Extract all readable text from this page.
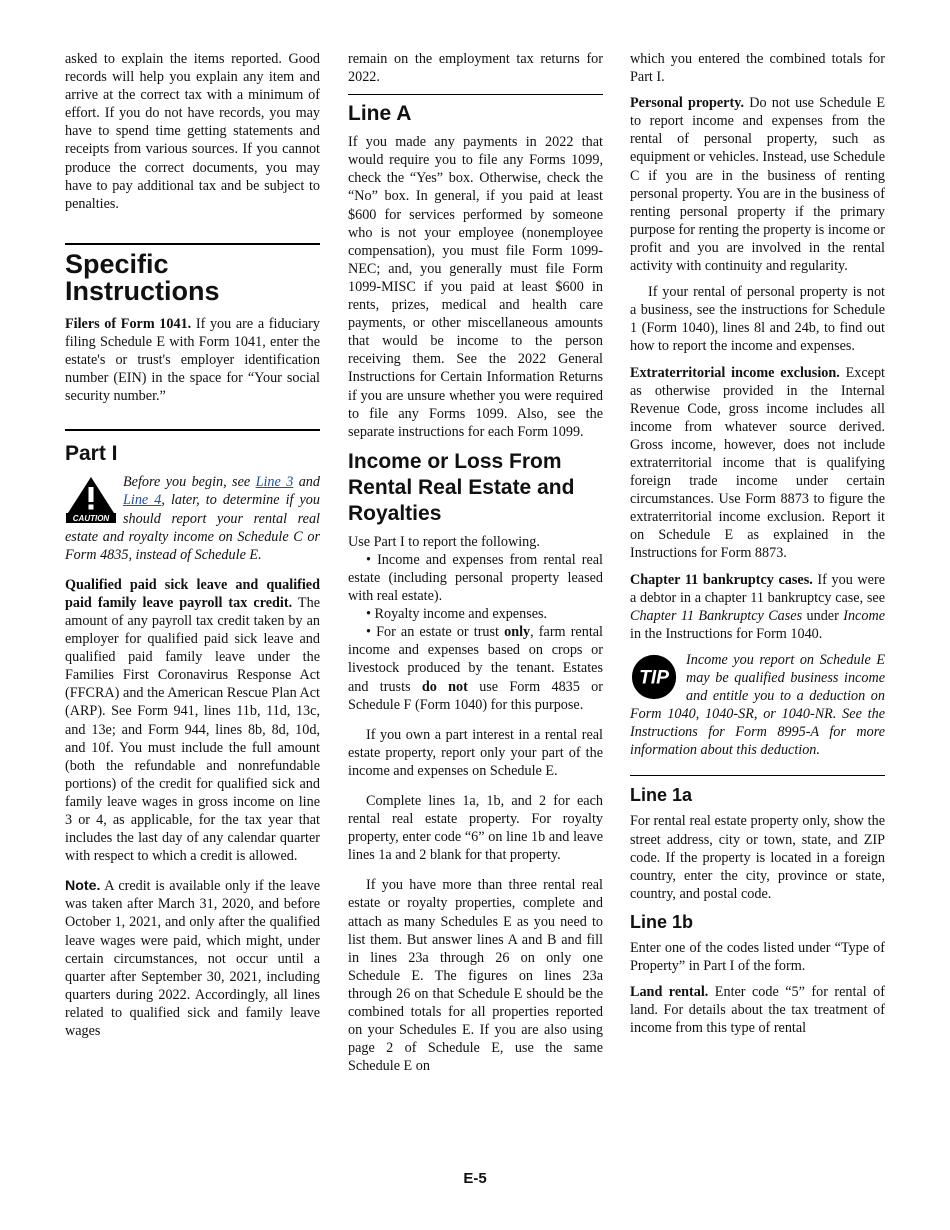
asked to explain the items reported. Good records will help you explain any item and arrive at the correct tax with a minimum of effort. If you do not have records, you may have to spend time getting statements and receipts from various sources. If you cannot produce the correct documents, you may have to pay additional tax and be subject to penalties.

Specific Instructions

Filers of Form 1041. If you are a fiduciary filing Schedule E with Form 1041, enter the estate's or trust's employer identification number (EIN) in the space for “Your social security number.”

Part I
CAUTION
Before you begin, see Line 3 and Line 4, later, to determine if you should report your rental real estate and royalty income on Schedule C or Form 4835, instead of Schedule E.

Qualified paid sick leave and qualified paid family leave payroll tax credit. The amount of any payroll tax credit taken by an employer for qualified paid sick leave and qualified paid family leave under the Families First Coronavirus Response Act (FFCRA) and the American Rescue Plan Act (ARP). See Form 941, lines 11b, 11d, 13c, and 13e; and Form 944, lines 8b, 8d, 10d, and 10f. You must include the full amount (both the refundable and nonrefundable portions) of the credit for qualified sick and family leave wages in gross income on line 3 or 4, as applicable, for the tax year that includes the last day of any calendar quarter with respect to which a credit is allowed.

Note. A credit is available only if the leave was taken after March 31, 2020, and before October 1, 2021, and only after the qualified leave wages were paid, which might, under certain circumstances, not occur until a quarter after September 30, 2021, including quarters during 2022. Accordingly, all lines related to qualified sick and family leave wages

remain on the employment tax returns for 2022.

Line A

If you made any payments in 2022 that would require you to file any Forms 1099, check the “Yes” box. Otherwise, check the “No” box. In general, if you paid at least $600 for services performed by someone who is not your employee (nonemployee compensation), you must file Form 1099-NEC; and, you generally must file Form 1099-MISC if you paid at least $600 in rents, prizes, medical and health care payments, or other miscellaneous amounts that would be income to the person receiving them. See the 2022 General Instructions for Certain Information Returns if you are unsure whether you were required to file any Forms 1099. Also, see the separate instructions for each Form 1099.

Income or Loss From Rental Real Estate and Royalties

Use Part I to report the following.

• Income and expenses from rental real estate (including personal property leased with real estate).

• Royalty income and expenses.

• For an estate or trust only, farm rental income and expenses based on crops or livestock produced by the tenant. Estates and trusts do not use Form 4835 or Schedule F (Form 1040) for this purpose.

If you own a part interest in a rental real estate property, report only your part of the income and expenses on Schedule E.

Complete lines 1a, 1b, and 2 for each rental real estate property. For royalty property, enter code “6” on line 1b and leave lines 1a and 2 blank for that property.

If you have more than three rental real estate or royalty properties, complete and attach as many Schedules E as you need to list them. But answer lines A and B and fill in lines 23a through 26 on only one Schedule E. The figures on lines 23a through 26 on that Schedule E should be the combined totals for all properties reported on your Schedules E. If you are also using page 2 of Schedule E, use the same Schedule E on

which you entered the combined totals for Part I.

Personal property. Do not use Schedule E to report income and expenses from the rental of personal property, such as equipment or vehicles. Instead, use Schedule C if you are in the business of renting personal property. You are in the business of renting personal property if the primary purpose for renting the property is income or profit and you are involved in the rental activity with continuity and regularity.

If your rental of personal property is not a business, see the instructions for Schedule 1 (Form 1040), lines 8l and 24b, to find out how to report the income and expenses.

Extraterritorial income exclusion. Except as otherwise provided in the Internal Revenue Code, gross income includes all income from whatever source derived. Gross income, however, does not include extraterritorial income that is qualifying foreign trade income under certain circumstances. Use Form 8873 to figure the extraterritorial income exclusion. Report it on Schedule E as explained in the Instructions for Form 8873.

Chapter 11 bankruptcy cases. If you were a debtor in a chapter 11 bankruptcy case, see Chapter 11 Bankruptcy Cases under Income in the Instructions for Form 1040.

TIP
Income you report on Schedule E may be qualified business income and entitle you to a deduction on Form 1040, 1040-SR, or 1040-NR. See the Instructions for Form 8995-A for more information about this deduction.
Line 1a

For rental real estate property only, show the street address, city or town, state, and ZIP code. If the property is located in a foreign country, enter the city, province or state, country, and postal code.

Line 1b

Enter one of the codes listed under “Type of Property” in Part I of the form.

Land rental. Enter code “5” for rental of land. For details about the tax treatment of income from this type of rental

E-5
